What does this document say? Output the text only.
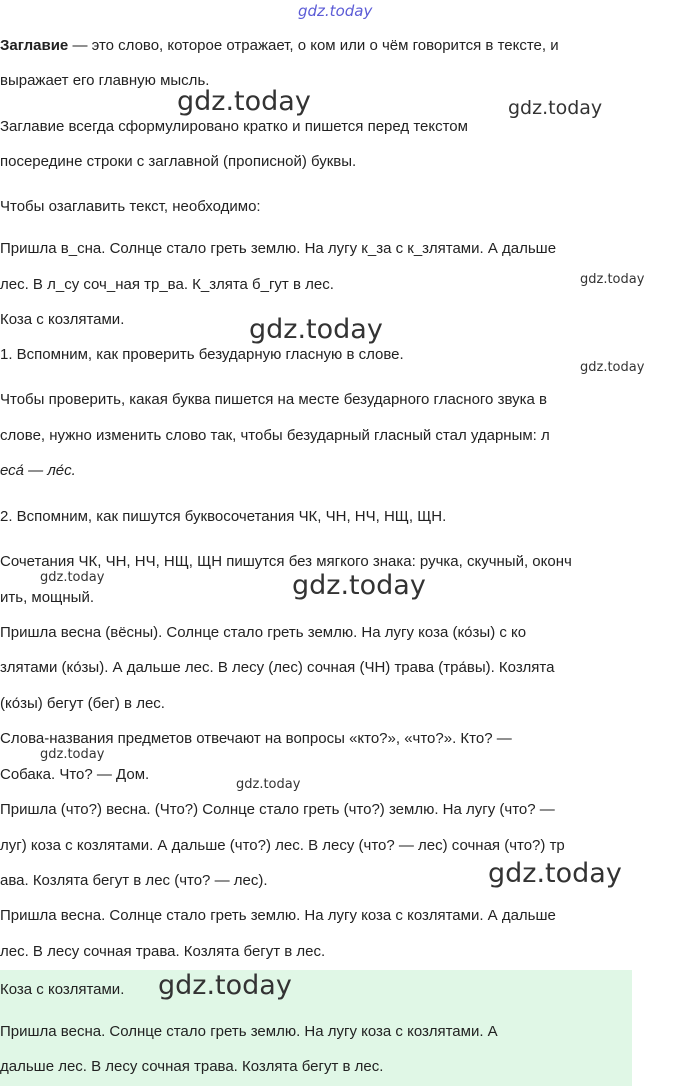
Заглавие — это слово, которое отражает, о ком или о чём говорится в тексте, и
выражает его главную мысль.
Заглавие всегда сформулировано кратко и пишется перед текстом
посередине строки с заглавной (прописной) буквы.
Чтобы озаглавить текст, необходимо:
Пришла в_сна. Солнце стало греть землю. На лугу к_за с к_злятами. А дальше
лес. В л_су соч_ная тр_ва. К_злята б_гут в лес.
Коза с козлятами.
1. Вспомним, как проверить безударную гласную в слове.
Чтобы проверить, какая буква пишется на месте безударного гласного звука в
слове, нужно изменить слово так, чтобы безударный гласный стал ударным: л
еса́ — ле́с.
2. Вспомним, как пишутся буквосочетания ЧК, ЧН, НЧ, НЩ, ЩН.
Сочетания ЧК, ЧН, НЧ, НЩ, ЩН пишутся без мягкого знака: ручка, скучный, оконч
ить, мощный.
Пришла весна (вёсны). Солнце стало греть землю. На лугу коза (ко́зы) с ко
злятами (ко́зы). А дальше лес. В лесу (лес) сочная (ЧН) трава (тра́вы). Козлята
(ко́зы) бегут (бег) в лес.
Слова-названия предметов отвечают на вопросы «кто?», «что?». Кто? —
Собака. Что? — Дом.
Пришла (что?) весна. (Что?) Солнце стало греть (что?) землю. На лугу (что? —
луг) коза с козлятами. А дальше (что?) лес. В лесу (что? — лес) сочная (что?) тр
ава. Козлята бегут в лес (что? — лес).
Пришла весна. Солнце стало греть землю. На лугу коза с козлятами. А дальше
лес. В лесу сочная трава. Козлята бегут в лес.
Коза с козлятами.
Пришла весна. Солнце стало греть землю. На лугу коза с козлятами. А
дальше лес. В лесу сочная трава. Козлята бегут в лес.
gdz.today
gdz.today	gdz.today
gdz.today
gdz.today
gdz.today
gdz.today	gdz.today
gdz.today
gdz.today
gdz.today
gdz.today
